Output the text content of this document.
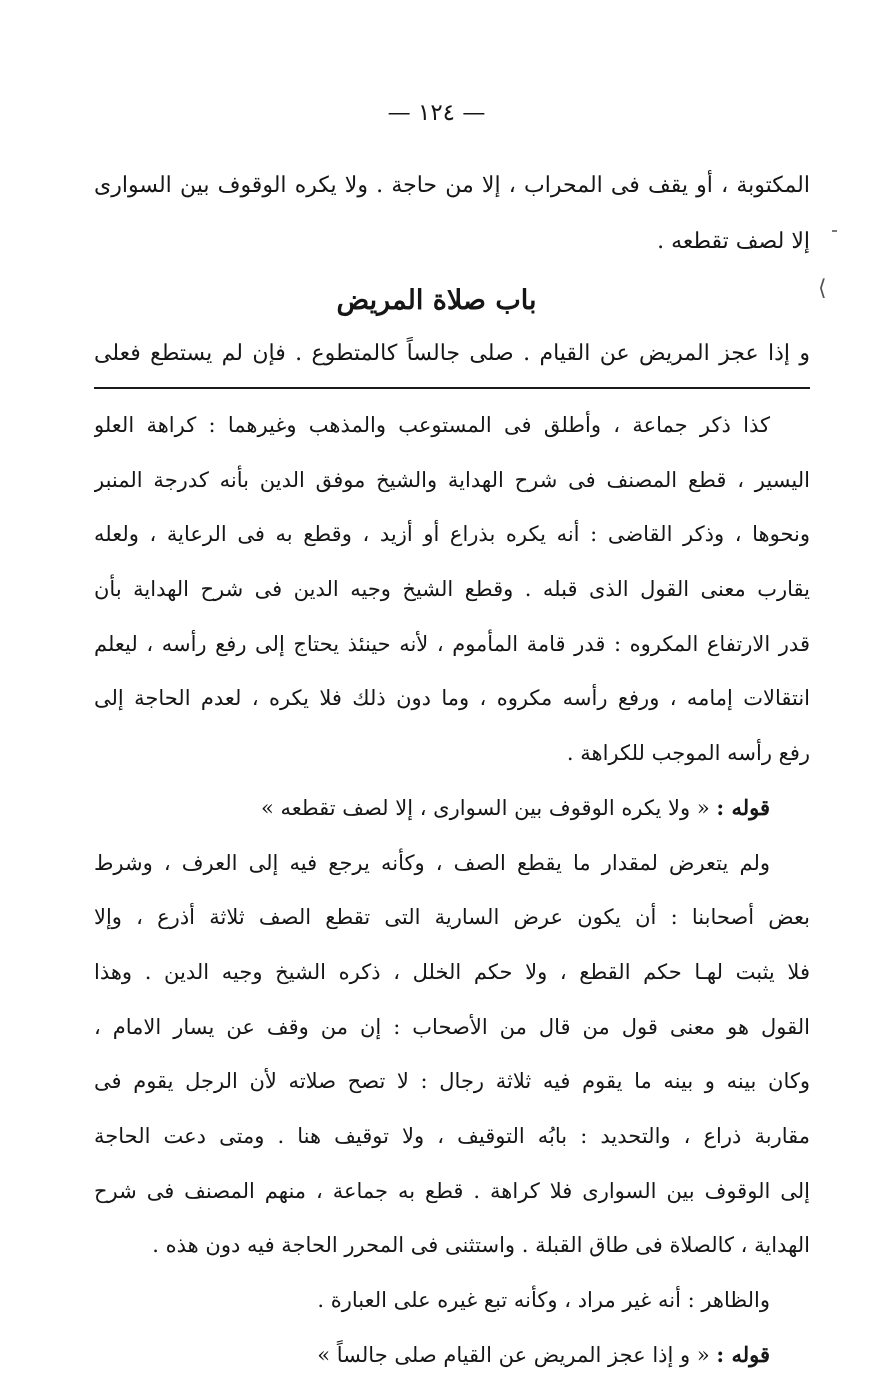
— ١٢٤ —
المكتوبة ، أو يقف فى المحراب ، إلا من حاجة . ولا يكره الوقوف بين السوارى
إلا لصف تقطعه .
باب صلاة المريض
و إذا عجز المريض عن القيام . صلى جالساً كالمتطوع . فإن لم يستطع فعلى
كذا ذكر جماعة ، وأطلق فى المستوعب والمذهب وغيرهما : كراهة العلو
اليسير ، قطع المصنف فى شرح الهداية والشيخ موفق الدين بأنه كدرجة المنبر
ونحوها ، وذكر القاضى : أنه يكره بذراع أو أزيد ، وقطع به فى الرعاية ، ولعله
يقارب معنى القول الذى قبله . وقطع الشيخ وجيه الدين فى شرح الهداية بأن
قدر الارتفاع المكروه : قدر قامة المأموم ، لأنه حينئذ يحتاج إلى رفع رأسه ، ليعلم
انتقالات إمامه ، ورفع رأسه مكروه ، وما دون ذلك فلا يكره ، لعدم الحاجة إلى
رفع رأسه الموجب للكراهة .
قوله : « ولا يكره الوقوف بين السوارى ، إلا لصف تقطعه »
ولم يتعرض لمقدار ما يقطع الصف ، وكأنه يرجع فيه إلى العرف ، وشرط
بعض أصحابنا : أن يكون عرض السارية التى تقطع الصف ثلاثة أذرع ، وإلا
فلا يثبت لهـا حكم القطع ، ولا حكم الخلل ، ذكره الشيخ وجيه الدين . وهذا
القول هو معنى قول من قال من الأصحاب : إن من وقف عن يسار الامام ،
وكان بينه و بينه ما يقوم فيه ثلاثة رجال : لا تصح صلاته لأن الرجل يقوم فى
مقاربة ذراع ، والتحديد : بابُه التوقيف ، ولا توقيف هنا . ومتى دعت الحاجة
إلى الوقوف بين السوارى فلا كراهة . قطع به جماعة ، منهم المصنف فى شرح
الهداية ، كالصلاة فى طاق القبلة . واستثنى فى المحرر الحاجة فيه دون هذه .
والظاهر : أنه غير مراد ، وكأنه تبع غيره على العبارة .
قوله : « و إذا عجز المريض عن القيام صلى جالساً »
⟨
